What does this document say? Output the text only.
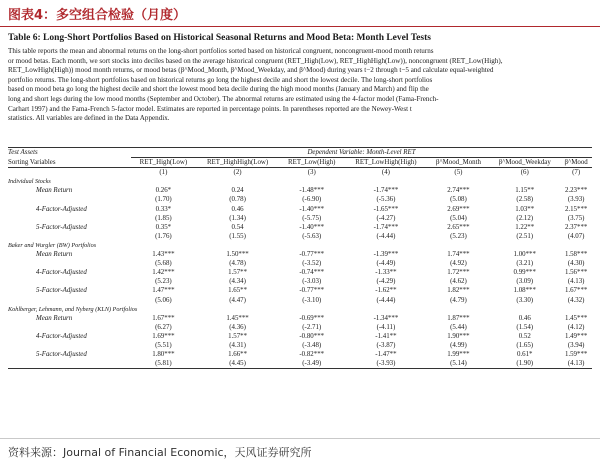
图表4：多空组合检验（月度）
Table 6: Long-Short Portfolios Based on Historical Seasonal Returns and Mood Beta: Month Level Tests
This table reports the mean and abnormal returns on the long-short portfolios sorted based on historical congruent, noncongruent-mood month returns
or mood betas. Each month, we sort stocks into deciles based on the average historical congruent (RET_High(Low), RET_HighHigh(Low)), noncongruent (RET_Low(High),
RET_LowHigh(High)) mood month returns, or mood betas (β^Mood_Month, β^Mood_Weekday, and β^Mood) during years t−2 through t−5 and calculate equal-weighted
portfolio returns. The long-short portfolios based on historical returns go long the highest decile and short the lowest decile. The long-short portfolios
based on mood beta go long the highest decile and short the lowest mood beta decile during the high mood months (January and March) and flip the
long and short legs during the low mood months (September and October). The abnormal returns are estimated using the 4-factor model (Fama-French-
Carhart 1997) and the Fama-French 5-factor model. Estimates are reported in percentage points. In parentheses reported are the Newey-West t
statistics. All variables are defined in the Data Appendix.
Test Assets	Dependent Variable: Month-Level RET						
Sorting Variables	RET_High(Low)	RET_HighHigh(Low)	RET_Low(High)	RET_LowHigh(High)	β^Mood_Month	β^Mood_Weekday	β^Mood
	(1)	(2)	(3)	(4)	(5)	(6)	(7)
Individual Stocks							
Mean Return	0.26*	0.24	-1.48***	-1.74***	2.74***	1.15**	2.23***
	(1.70)	(0.78)	(-6.90)	(-5.36)	(5.08)	(2.58)	(3.93)
4-Factor-Adjusted	0.33*	0.46	-1.40***	-1.65***	2.69***	1.03**	2.15***
	(1.85)	(1.34)	(-5.75)	(-4.27)	(5.04)	(2.12)	(3.75)
5-Factor-Adjusted	0.35*	0.54	-1.40***	-1.74***	2.65***	1.22**	2.37***
	(1.76)	(1.55)	(-5.63)	(-4.44)	(5.23)	(2.51)	(4.07)
Baker and Wurgler (BW) Portfolios							
Mean Return	1.43***	1.50***	-0.77***	-1.39***	1.74***	1.00***	1.58***
	(5.68)	(4.78)	(-3.52)	(-4.49)	(4.92)	(3.21)	(4.30)
4-Factor-Adjusted	1.42***	1.57**	-0.74***	-1.33**	1.72***	0.99***	1.56***
	(5.23)	(4.34)	(-3.03)	(-4.29)	(4.62)	(3.09)	(4.13)
5-Factor-Adjusted	1.47***	1.65**	-0.77***	-1.62**	1.82***	1.08***	1.67***
	(5.06)	(4.47)	(-3.10)	(-4.44)	(4.79)	(3.30)	(4.32)
Kohlberger, Lehmann, and Nyberg (KLN) Portfolios							
Mean Return	1.67***	1.45***	-0.69***	-1.34***	1.87***	0.46	1.45***
	(6.27)	(4.36)	(-2.71)	(-4.11)	(5.44)	(1.54)	(4.12)
4-Factor-Adjusted	1.69***	1.57**	-0.80***	-1.41**	1.90***	0.52	1.49***
	(5.51)	(4.31)	(-3.48)	(-3.87)	(4.99)	(1.65)	(3.94)
5-Factor-Adjusted	1.80***	1.66**	-0.82***	-1.47**	1.99***	0.61*	1.59***
	(5.81)	(4.45)	(-3.49)	(-3.93)	(5.14)	(1.90)	(4.13)
资料来源：Journal of Financial Economic，天风证券研究所
